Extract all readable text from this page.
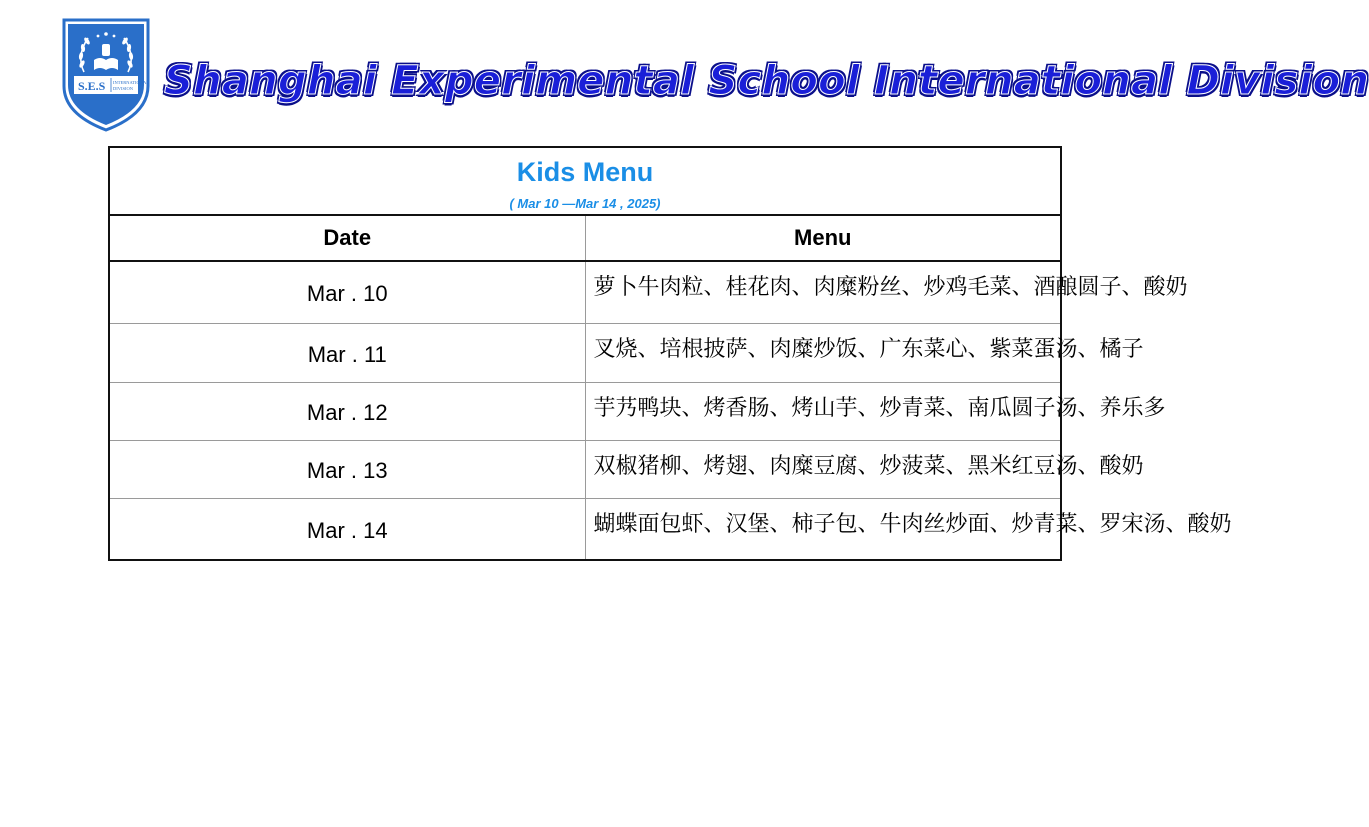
S.E.S INTERNATIONAL
DIVISION Shanghai Experimental School International Division
Kids Menu
( Mar 10 —Mar 14 , 2025)	

Date	Menu
Mar . 10	萝卜牛肉粒、桂花肉、肉糜粉丝、炒鸡毛菜、酒酿圆子、酸奶
Mar . 11	叉烧、培根披萨、肉糜炒饭、广东菜心、紫菜蛋汤、橘子
Mar . 12	芋艿鸭块、烤香肠、烤山芋、炒青菜、南瓜圆子汤、养乐多
Mar . 13	双椒猪柳、烤翅、肉糜豆腐、炒菠菜、黑米红豆汤、酸奶
Mar . 14	蝴蝶面包虾、汉堡、柿子包、牛肉丝炒面、炒青菜、罗宋汤、酸奶
